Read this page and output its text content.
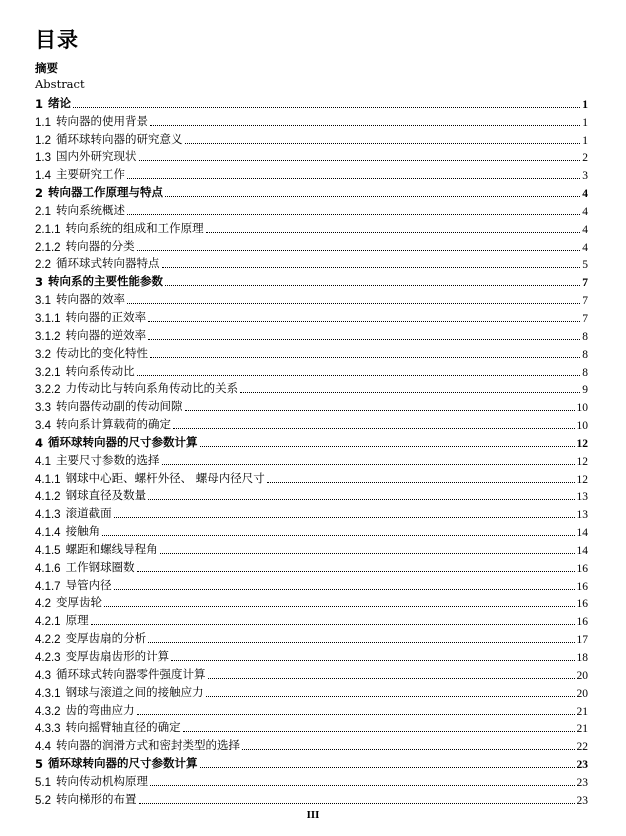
目录
摘要
Abstract
1 绪论	1
1.1 转向器的使用背景	1
1.2 循环球转向器的研究意义	1
1.3 国内外研究现状	2
1.4 主要研究工作	3
2 转向器工作原理与特点	4
2.1 转向系统概述	4
2.1.1 转向系统的组成和工作原理	4
2.1.2 转向器的分类	4
2.2 循环球式转向器特点	5
3 转向系的主要性能参数	7
3.1 转向器的效率	7
3.1.1 转向器的正效率	7
3.1.2 转向器的逆效率	8
3.2 传动比的变化特性	8
3.2.1 转向系传动比	8
3.2.2 力传动比与转向系角传动比的关系	9
3.3 转向器传动副的传动间隙	10
3.4 转向系计算载荷的确定	10
4 循环球转向器的尺寸参数计算	12
4.1 主要尺寸参数的选择	12
4.1.1 钢球中心距、螺杆外径、 螺母内径尺寸	12
4.1.2 钢球直径及数量	13
4.1.3 滚道截面	13
4.1.4 接触角	14
4.1.5 螺距和螺线导程角	14
4.1.6 工作钢球圈数	16
4.1.7 导管内径	16
4.2 变厚齿轮	16
4.2.1 原理	16
4.2.2 变厚齿扇的分析	17
4.2.3 变厚齿扇齿形的计算	18
4.3 循环球式转向器零件强度计算	20
4.3.1 钢球与滚道之间的接触应力	20
4.3.2 齿的弯曲应力	21
4.3.3 转向摇臂轴直径的确定	21
4.4 转向器的润滑方式和密封类型的选择	22
5 循环球转向器的尺寸参数计算	23
5.1 转向传动机构原理	23
5.2 转向梯形的布置	23
III
